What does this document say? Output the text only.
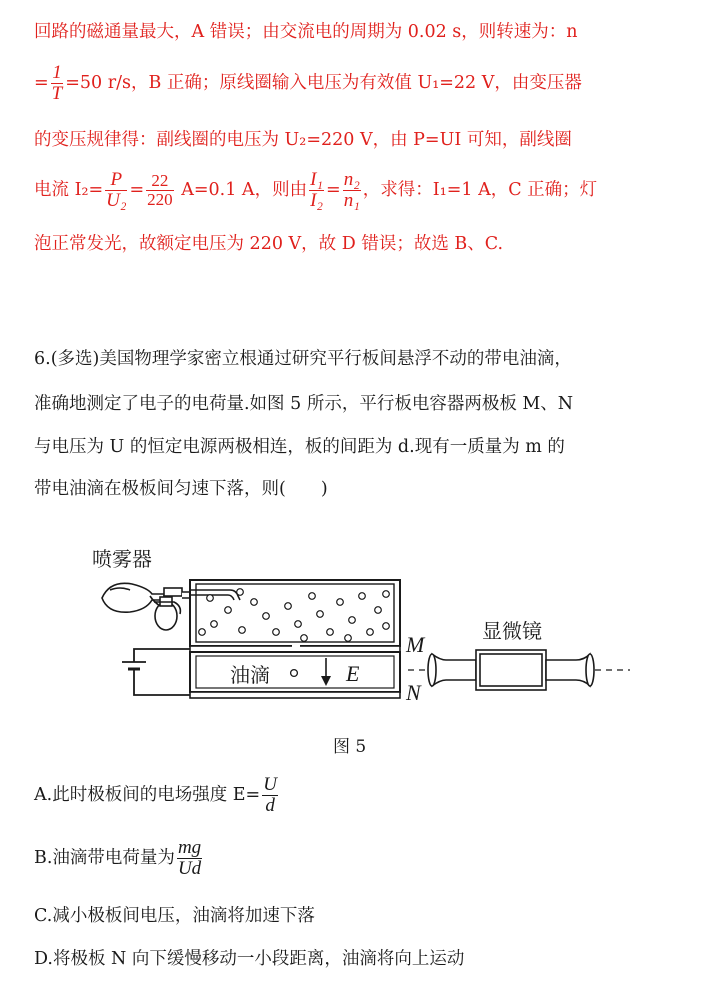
回路的磁通量最大，A 错误；由交流电的周期为 0.02 s，则转速为：n
= $\frac{1}{T} =50$ r/s，B 正确；原线圈输入电压为有效值 U₁=22 V，由变压器
的变压规律得：副线圈的电压为 U₂=220 V，由 P=UI 可知，副线圈
电流 $I_2= \frac{P}{\text{U₂}} = \frac{22}{220} A=0.1$ A，则由 $\frac{\text{I₁}}{\text{I₂}} = \frac{\text{n₂}}{\text{n₁}}$ ，求得：I₁=1 A，C 正确；灯
泡正常发光，故额定电压为 220 V，故 D 错误；故选 B、C.
6.(多选)美国物理学家密立根通过研究平行板间悬浮不动的带电油滴，
准确地测定了电子的电荷量.如图 5 所示，平行板电容器两极板 M、N
与电压为 U 的恒定电源两极相连，板的间距为 d.现有一质量为 m 的
带电油滴在极板间匀速下落，则(　　)
喷雾器
油滴	E
M
N
显微镜
图 5
A.此时极板间的电场强度 $E= \frac{U}{d}$
B.油滴带电荷量为 $\frac{mg}{Ud}$
C.减小极板间电压，油滴将加速下落
D.将极板 N 向下缓慢移动一小段距离，油滴将向上运动
